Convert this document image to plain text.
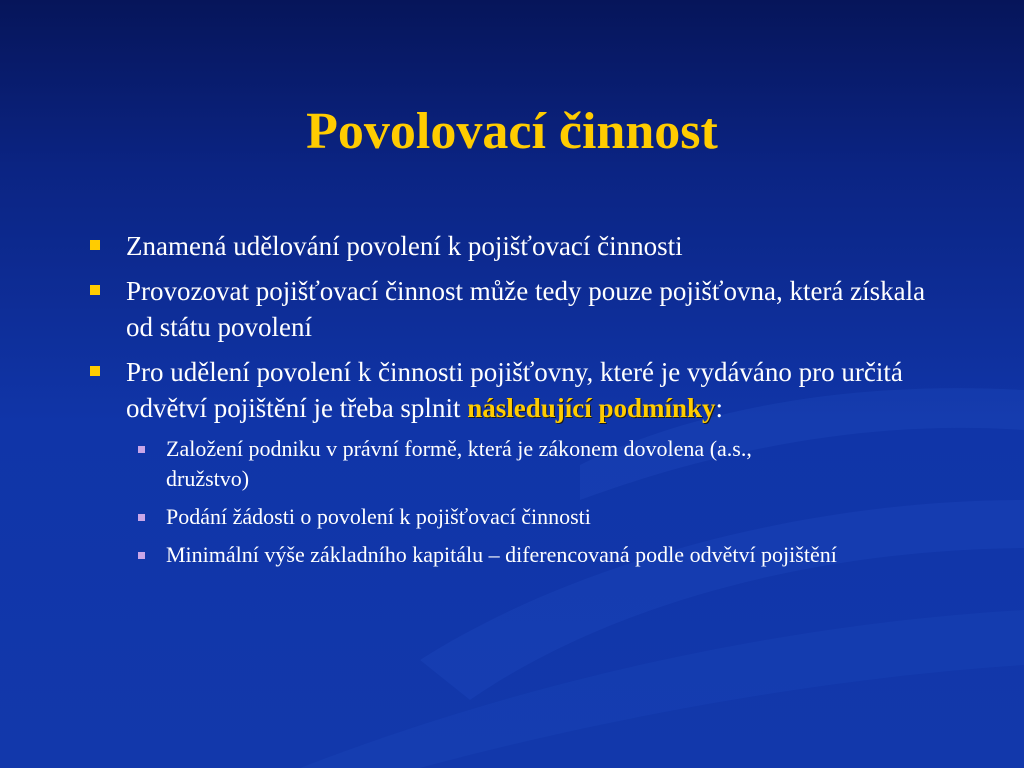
Povolovací činnost
Znamená udělování povolení k pojišťovací činnosti
Provozovat pojišťovací činnost může tedy pouze pojišťovna, která získala od státu povolení
Pro udělení povolení k činnosti pojišťovny, které je vydáváno pro určitá odvětví pojištění je třeba splnit následující podmínky:
Založení podniku v právní formě, která je zákonem dovolena (a.s., družstvo)
Podání žádosti o povolení k pojišťovací činnosti
Minimální výše základního kapitálu – diferencovaná podle odvětví pojištění
